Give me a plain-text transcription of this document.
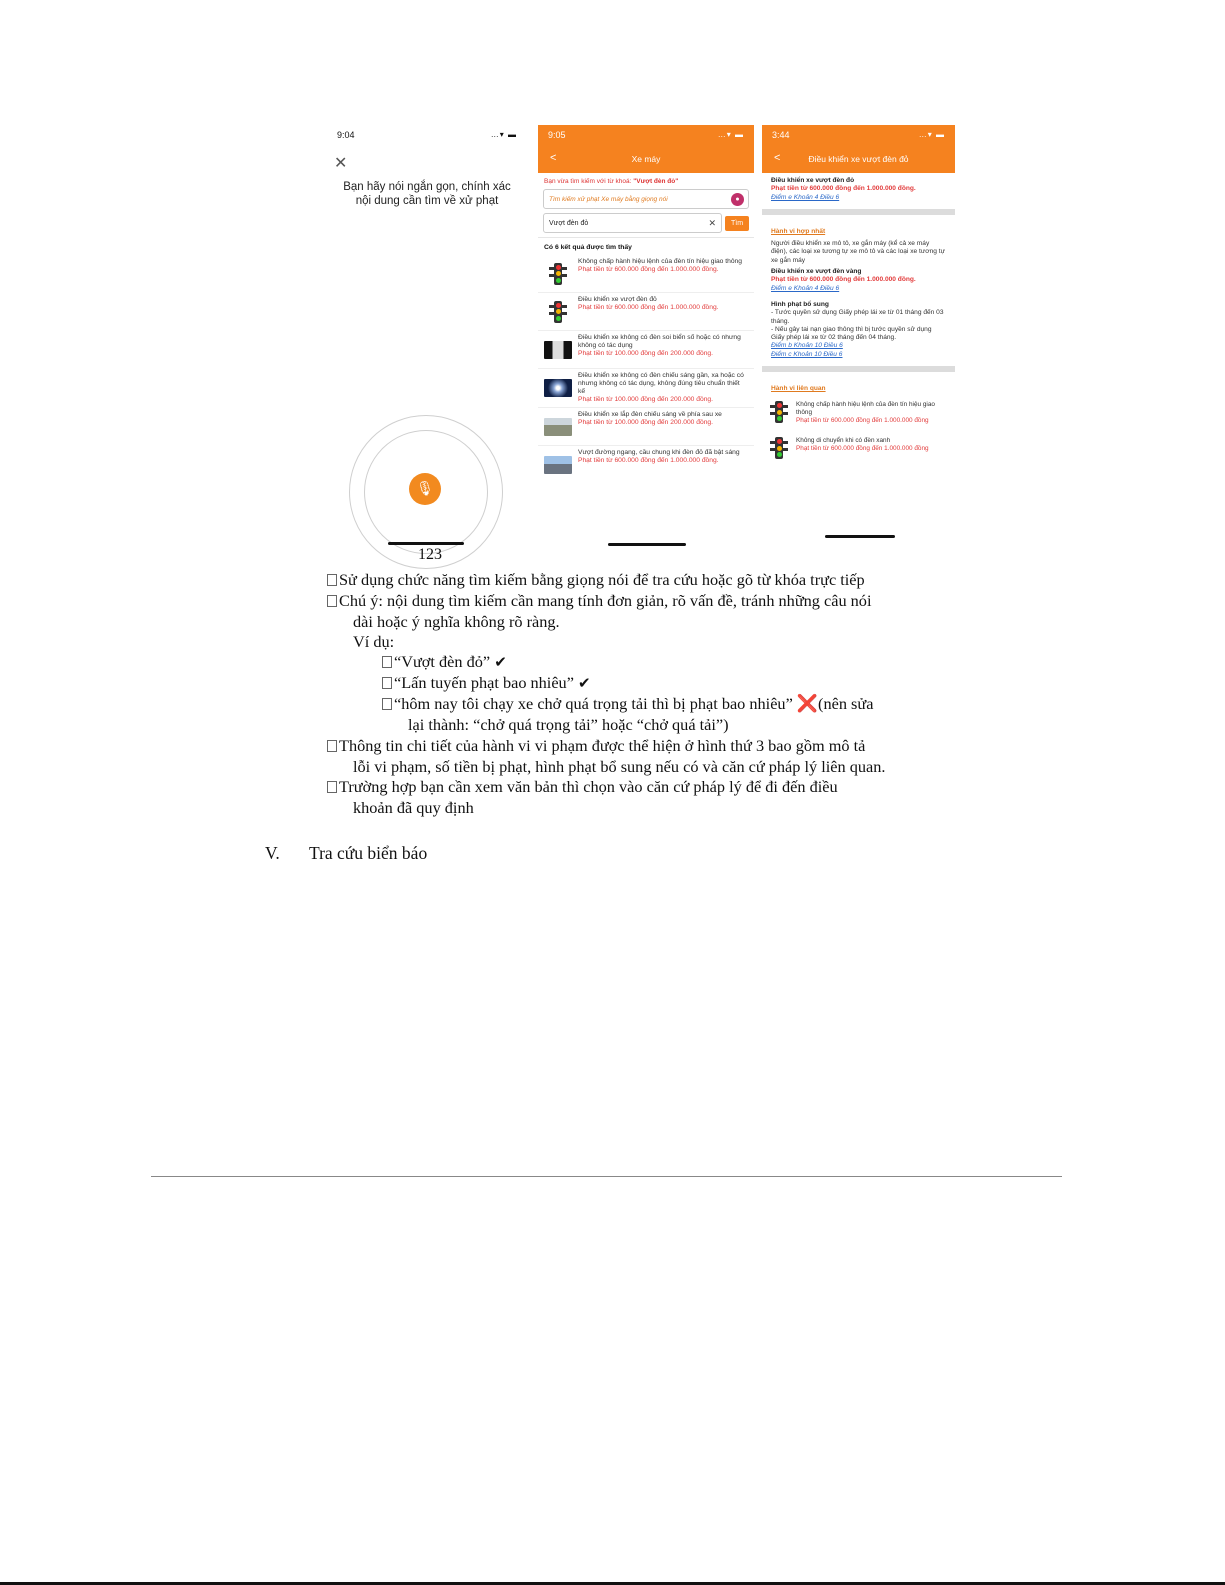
9:04	…▾ ▬
✕
Bạn hãy nói ngắn gọn, chính xác
nội dung cần tìm về xử phạt
🎙
123
9:05	…▾ ▬
<	Xe máy
Bạn vừa tìm kiếm với từ khoá: "Vượt đèn đỏ"
Tìm kiếm xử phạt Xe máy bằng giọng nói	●
Vượt đèn đỏ	✕	Tìm
Có 6 kết quả được tìm thấy
Không chấp hành hiệu lệnh của đèn tín hiệu giao thông
Phạt tiền từ 600.000 đồng đến 1.000.000 đồng.
Điều khiển xe vượt đèn đỏ
Phạt tiền từ 600.000 đồng đến 1.000.000 đồng.
Điều khiển xe không có đèn soi biển số hoặc có nhưng không có tác dụng
Phạt tiền từ 100.000 đồng đến 200.000 đồng.
Điều khiển xe không có đèn chiếu sáng gần, xa hoặc có nhưng không có tác dụng, không đúng tiêu chuẩn thiết kế
Phạt tiền từ 100.000 đồng đến 200.000 đồng.
Điều khiển xe lắp đèn chiếu sáng về phía sau xe
Phạt tiền từ 100.000 đồng đến 200.000 đồng.
Vượt đường ngang, cầu chung khi đèn đỏ đã bật sáng
Phạt tiền từ 600.000 đồng đến 1.000.000 đồng.
3:44	…▾ ▬
<	Điều khiển xe vượt đèn đỏ
Điều khiển xe vượt đèn đỏ
Phạt tiền từ 600.000 đồng đến 1.000.000 đồng.
Điểm e Khoản 4 Điều 6
Hành vi hợp nhất
Người điều khiển xe mô tô, xe gắn máy (kể cả xe máy điện), các loại xe tương tự xe mô tô và các loại xe tương tự xe gắn máy
Điều khiển xe vượt đèn vàng
Phạt tiền từ 600.000 đồng đến 1.000.000 đồng.
Điểm e Khoản 4 Điều 6
Hình phạt bổ sung
- Tước quyền sử dụng Giấy phép lái xe từ 01 tháng đến 03 tháng.
- Nếu gây tai nạn giao thông thì bị tước quyền sử dụng Giấy phép lái xe từ 02 tháng đến 04 tháng.
Điểm b Khoản 10 Điều 6
Điểm c Khoản 10 Điều 6
Hành vi liên quan
Không chấp hành hiệu lệnh của đèn tín hiệu giao thông
Phạt tiền từ 600.000 đồng đến 1.000.000 đồng
Không di chuyển khi có đèn xanh
Phạt tiền từ 600.000 đồng đến 1.000.000 đồng
Sử dụng chức năng tìm kiếm bằng giọng nói để tra cứu hoặc gõ từ khóa trực tiếp
Chú ý: nội dung tìm kiếm cần mang tính đơn giản, rõ vấn đề, tránh những câu nói
dài hoặc ý nghĩa không rõ ràng.
Ví dụ:
“Vượt đèn đỏ” ✔
“Lấn tuyến phạt bao nhiêu” ✔
“hôm nay tôi chạy xe chở quá trọng tải thì bị phạt bao nhiêu” ❌(nên sửa
lại thành: “chở quá trọng tải” hoặc “chở quá tải”)
Thông tin chi tiết của hành vi vi phạm được thể hiện ở hình thứ 3 bao gồm mô tả
lỗi vi phạm, số tiền bị phạt, hình phạt bổ sung nếu có và căn cứ pháp lý liên quan.
Trường hợp bạn cần xem văn bản thì chọn vào căn cứ pháp lý để đi đến điều
khoản đã quy định
V. Tra cứu biển báo
